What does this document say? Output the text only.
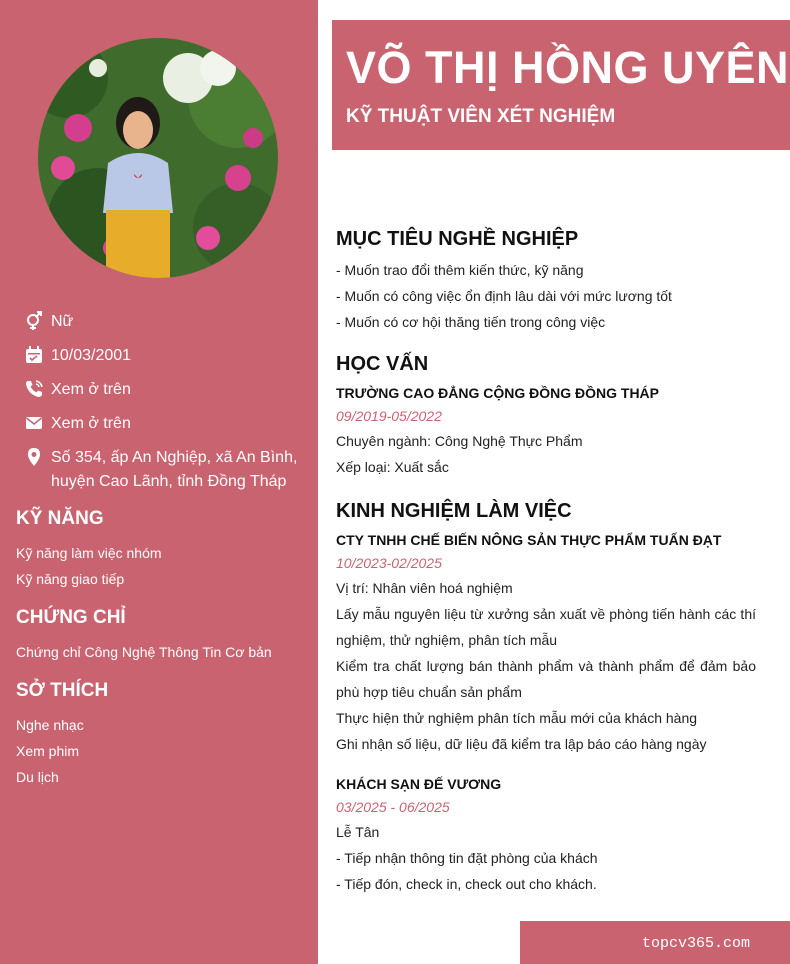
Nữ
10/03/2001
Xem ở trên
Xem ở trên
Số 354, ấp An Nghiệp, xã An Bình, huyện Cao Lãnh, tỉnh Đồng Tháp
KỸ NĂNG
Kỹ năng làm việc nhóm
Kỹ năng giao tiếp
CHỨNG CHỈ
Chứng chỉ Công Nghệ Thông Tin Cơ bản
SỞ THÍCH
Nghe nhạc
Xem phim
Du lịch
VÕ THỊ HỒNG UYÊN
KỸ THUẬT VIÊN XÉT NGHIỆM
MỤC TIÊU NGHỀ NGHIỆP
- Muốn trao đổi thêm kiến thức, kỹ năng
- Muốn có công việc ổn định lâu dài với mức lương tốt
- Muốn có cơ hội thăng tiến trong công việc
HỌC VẤN
TRƯỜNG CAO ĐẲNG CỘNG ĐỒNG ĐỒNG THÁP
09/2019-05/2022
Chuyên ngành: Công Nghệ Thực Phẩm
Xếp loại: Xuất sắc
KINH NGHIỆM LÀM VIỆC
CTY TNHH CHẾ BIẾN NÔNG SẢN THỰC PHẨM TUẤN ĐẠT
10/2023-02/2025
Vị trí: Nhân viên hoá nghiệm
Lấy mẫu nguyên liệu từ xưởng sản xuất về phòng tiến hành các thí nghiệm, thử nghiệm, phân tích mẫu
Kiểm tra chất lượng bán thành phẩm và thành phẩm để đảm bảo phù hợp tiêu chuẩn sản phẩm
Thực hiện thử nghiệm phân tích mẫu mới của khách hàng
Ghi nhận số liệu, dữ liệu đã kiểm tra lập báo cáo hàng ngày
KHÁCH SẠN ĐẾ VƯƠNG
03/2025 - 06/2025
Lễ Tân
- Tiếp nhận thông tin đặt phòng của khách
- Tiếp đón, check in, check out cho khách.
topcv365.com
